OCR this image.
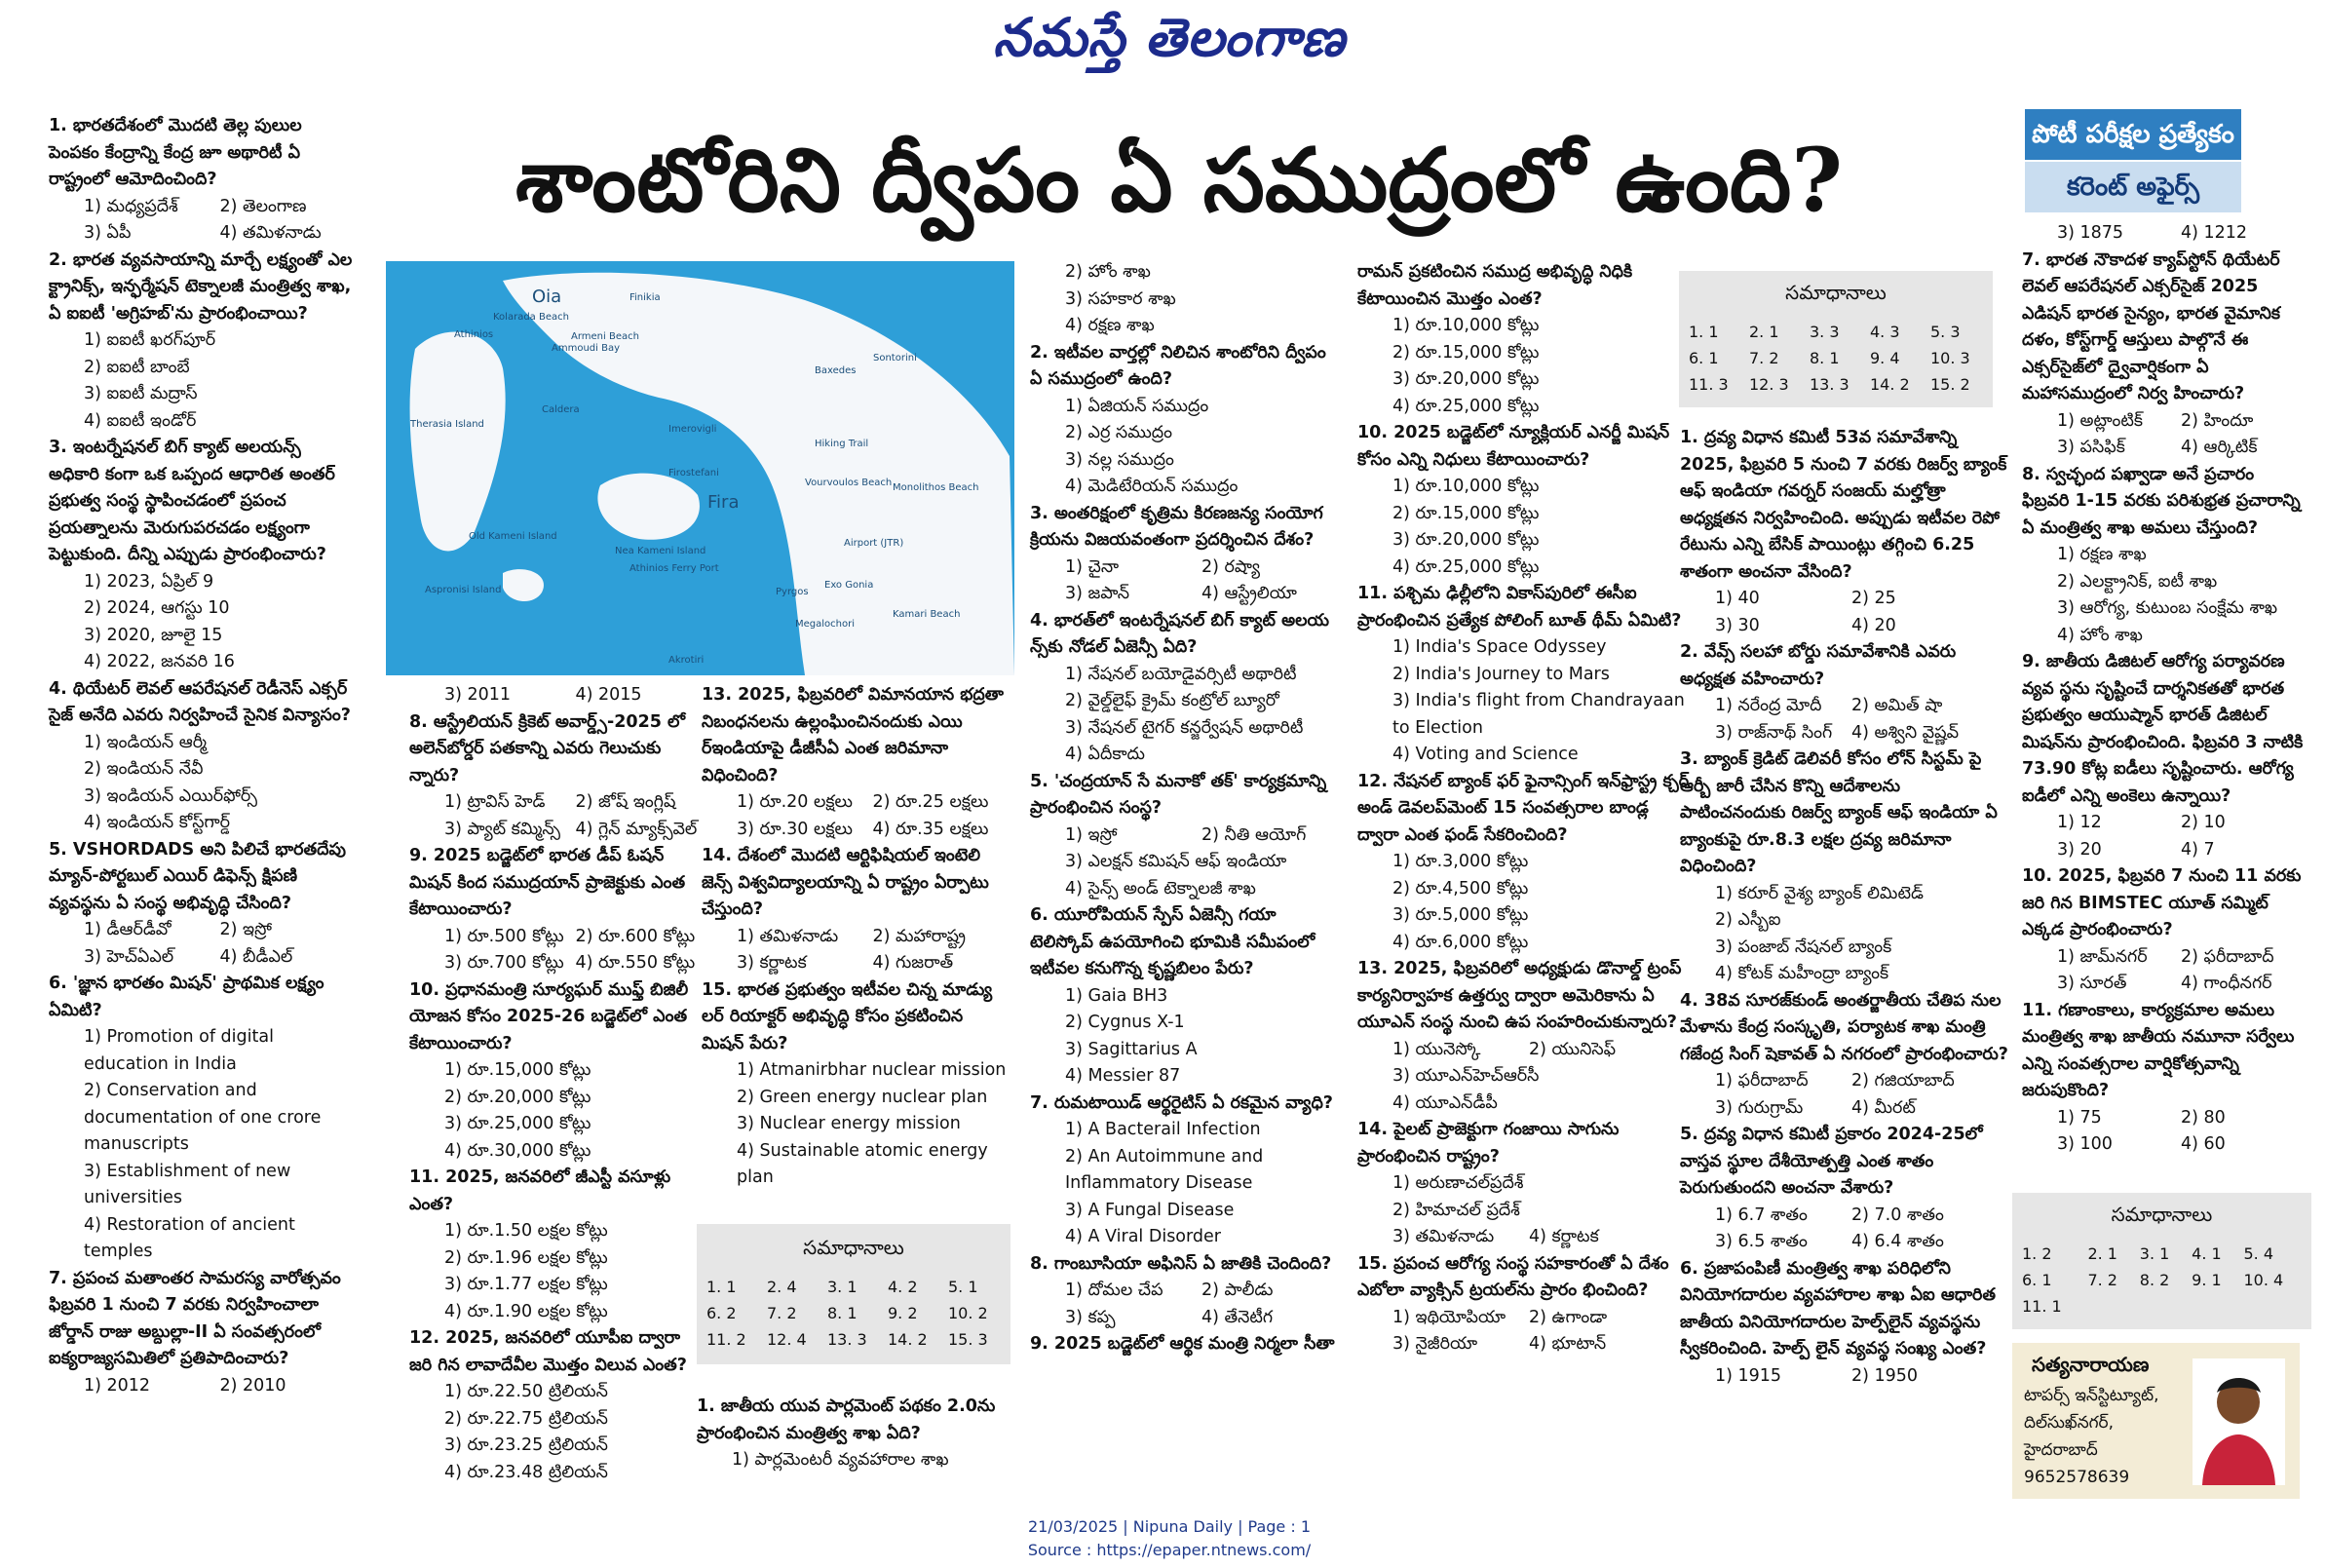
నమస్తే తెలంగాణ
శాంటోరిని ద్వీపం ఏ సముద్రంలో ఉంది?	పోటీ పరీక్షల ప్రత్యేకం
కరెంట్ అఫైర్స్

1. భారతదేశంలో మొదటి తెల్ల పులుల పెంపకం కేంద్రాన్ని కేంద్ర జూ అథారిటీ ఏ రాష్ట్రంలో ఆమోదించింది?

1) మధ్యప్రదేశ్	2) తెలంగాణ
3) ఏపీ	4) తమిళనాడు

2. భారత వ్యవసాయాన్ని మార్చే లక్ష్యంతో ఎల క్ట్రానిక్స్, ఇన్ఫర్మేషన్ టెక్నాలజీ మంత్రిత్వ శాఖ, ఏ ఐఐటీ 'అగ్రిహబ్'ను ప్రారంభించాయి?

1) ఐఐటీ ఖరగ్‌పూర్

2) ఐఐటీ బాంబే

3) ఐఐటీ మద్రాస్

4) ఐఐటీ ఇండోర్

3. ఇంటర్నేషనల్ బిగ్ క్యాట్ అలయన్స్ అధికారి కంగా ఒక ఒప్పంద ఆధారిత అంతర్ ప్రభుత్వ సంస్థ స్థాపించడంలో ప్రపంచ ప్రయత్నాలను మెరుగుపరచడం లక్ష్యంగా పెట్టుకుంది. దీన్ని ఎప్పుడు ప్రారంభించారు?

1) 2023, ఏప్రిల్ 9

2) 2024, ఆగస్టు 10

3) 2020, జూలై 15

4) 2022, జనవరి 16

4. థియేటర్ లెవల్ ఆపరేషనల్ రెడీనెస్ ఎక్సర్ సైజ్ అనేది ఎవరు నిర్వహించే సైనిక విన్యాసం?

1) ఇండియన్ ఆర్మీ

2) ఇండియన్ నేవీ

3) ఇండియన్ ఎయిర్‌ఫోర్స్

4) ఇండియన్ కోస్ట్‌గార్డ్

5. VSHORDADS అని పిలిచే భారతదేపు మ్యాన్-పోర్టబుల్ ఎయిర్ డిఫెన్స్ క్షిపణి వ్యవస్థను ఏ సంస్థ అభివృద్ధి చేసింది?

1) డీఆర్‌డీవో	2) ఇస్రో
3) హెచ్ఏఎల్	4) బీడీఎల్

6. 'జ్ఞాన భారతం మిషన్' ప్రాథమిక లక్ష్యం ఏమిటి?

1) Promotion of digital education in India

2) Conservation and documentation of one crore manuscripts

3) Establishment of new universities

4) Restoration of ancient temples

7. ప్రపంచ మతాంతర సామరస్య వారోత్సవం ఫిబ్రవరి 1 నుంచి 7 వరకు నిర్వహించాలా జోర్డాన్ రాజు అబ్దుల్లా-II ఏ సంవత్సరంలో ఐక్యరాజ్యసమితిలో ప్రతిపాదించారు?

1) 2012	2) 2010
Oia	Finikia
Kolarada Beach
Armeni Beach
Ammoudi Bay
Athinios
Sontorini
Baxedes
Therasia Island
Caldera
Imerovigli
Hiking Trail
Firostefani
Vourvoulos Beach Monolithos Beach
Fira
Nea Kameni Island
Old Kameni Island
Airport (JTR)
Athinios Ferry Port
Exo Gonia
Pyrgos
Megalochori
Kamari Beach
Akrotiri
Aspronisi Island
3) 2011	4) 2015

8. ఆస్ట్రేలియన్ క్రికెట్ అవార్డ్స్-2025 లో అలెన్‌బోర్డర్ పతకాన్ని ఎవరు గెలుచుకు న్నారు?

1) ట్రావిస్ హెడ్	2) జోష్ ఇంగ్లిష్
3) ప్యాట్ కమ్మిన్స్ 4) గ్లెన్ మ్యాక్స్‌వెల్

9. 2025 బడ్జెట్‌లో భారత డీప్ ఓషన్ మిషన్ కింద సముద్రయాన్ ప్రాజెక్టుకు ఎంత కేటాయించారు?

1) రూ.500 కోట్లు 2) రూ.600 కోట్లు
3) రూ.700 కోట్లు 4) రూ.550 కోట్లు

10. ప్రధానమంత్రి సూర్యఘర్ ముఫ్త్ బిజిలీ యోజన కోసం 2025-26 బడ్జెట్‌లో ఎంత కేటాయించారు?

1) రూ.15,000 కోట్లు

2) రూ.20,000 కోట్లు

3) రూ.25,000 కోట్లు

4) రూ.30,000 కోట్లు

11. 2025, జనవరిలో జీఎస్టీ వసూళ్లు ఎంత?

1) రూ.1.50 లక్షల కోట్లు

2) రూ.1.96 లక్షల కోట్లు

3) రూ.1.77 లక్షల కోట్లు

4) రూ.1.90 లక్షల కోట్లు

12. 2025, జనవరిలో యూపీఐ ద్వారా జరి గిన లావాదేవీల మొత్తం విలువ ఎంత?

1) రూ.22.50 ట్రిలియన్

2) రూ.22.75 ట్రిలియన్

3) రూ.23.25 ట్రిలియన్

4) రూ.23.48 ట్రిలియన్

13. 2025, ఫిబ్రవరిలో విమానయాన భద్రతా నిబంధనలను ఉల్లంఘించినందుకు ఎయి ర్‌ఇండియాపై డీజీసీఏ ఎంత జరిమానా విధించింది?

1) రూ.20 లక్షలు	2) రూ.25 లక్షలు
3) రూ.30 లక్షలు	4) రూ.35 లక్షలు

14. దేశంలో మొదటి ఆర్టిఫిషియల్ ఇంటెలి జెన్స్ విశ్వవిద్యాలయాన్ని ఏ రాష్ట్రం ఏర్పాటు చేస్తుంది?

1) తమిళనాడు	2) మహారాష్ట్ర
3) కర్ణాటక	4) గుజరాత్

15. భారత ప్రభుత్వం ఇటీవల చిన్న మాడ్యు లర్ రియాక్టర్ అభివృద్ధి కోసం ప్రకటించిన మిషన్ పేరు?

1) Atmanirbhar nuclear mission

2) Green energy nuclear plan

3) Nuclear energy mission

4) Sustainable atomic energy plan

సమాధానాలు
1. 1	2. 4	3. 1	4. 2	5. 1
6. 2	7. 2	8. 1	9. 2	10. 2
11. 2	12. 4	13. 3	14. 2	15. 3

1. జాతీయ యువ పార్లమెంట్ పథకం 2.0ను ప్రారంభించిన మంత్రిత్వ శాఖ ఏది?

1) పార్లమెంటరీ వ్యవహారాల శాఖ

2) హోం శాఖ

3) సహకార శాఖ

4) రక్షణ శాఖ

2. ఇటీవల వార్తల్లో నిలిచిన శాంటోరిని ద్వీపం ఏ సముద్రంలో ఉంది?

1) ఏజియన్ సముద్రం

2) ఎర్ర సముద్రం

3) నల్ల సముద్రం

4) మెడిటేరియన్ సముద్రం

3. అంతరిక్షంలో కృత్రిమ కిరణజన్య సంయోగ క్రియను విజయవంతంగా ప్రదర్శించిన దేశం?

1) చైనా	2) రష్యా
3) జపాన్	4) ఆస్ట్రేలియా

4. భారత్‌లో ఇంటర్నేషనల్ బిగ్ క్యాట్ అలయ న్స్‌కు నోడల్ ఏజెన్సీ ఏది?

1) నేషనల్ బయోడైవర్సిటీ అథారిటీ

2) వైల్డ్‌లైఫ్ క్రైమ్ కంట్రోల్ బ్యూరో

3) నేషనల్ టైగర్ కన్జర్వేషన్ అథారిటీ

4) ఏదీకాదు

5. 'చంద్రయాన్ సే మనాకో తక్' కార్యక్రమాన్ని ప్రారంభించిన సంస్థ?

1) ఇస్రో	2) నీతి ఆయోగ్

3) ఎలక్షన్ కమిషన్ ఆఫ్ ఇండియా

4) సైన్స్ అండ్ టెక్నాలజీ శాఖ

6. యూరోపియన్ స్పేస్ ఏజెన్సీ గయా టెలిస్కోప్ ఉపయోగించి భూమికి సమీపంలో ఇటీవల కనుగొన్న కృష్ణబిలం పేరు?

1) Gaia BH3

2) Cygnus X-1

3) Sagittarius A

4) Messier 87

7. రుమటాయిడ్ ఆర్థరైటిస్ ఏ రకమైన వ్యాధి?

1) A Bacterail Infection

2) An Autoimmune and Inflammatory Disease

3) A Fungal Disease

4) A Viral Disorder

8. గాంబూసియా అఫినిస్ ఏ జాతికి చెందింది?

1) దోమల చేప	2) పాలీడు
3) కప్ప	4) తేనెటీగ

9. 2025 బడ్జెట్‌లో ఆర్థిక మంత్రి నిర్మలా సీతా

రామన్ ప్రకటించిన సముద్ర అభివృద్ధి నిధికి కేటాయించిన మొత్తం ఎంత?

1) రూ.10,000 కోట్లు

2) రూ.15,000 కోట్లు

3) రూ.20,000 కోట్లు

4) రూ.25,000 కోట్లు

10. 2025 బడ్జెట్‌లో న్యూక్లియర్ ఎనర్జీ మిషన్ కోసం ఎన్ని నిధులు కేటాయించారు?

1) రూ.10,000 కోట్లు

2) రూ.15,000 కోట్లు

3) రూ.20,000 కోట్లు

4) రూ.25,000 కోట్లు

11. పశ్చిమ ఢిల్లీలోని వికాస్‌పురిలో ఈసీఐ ప్రారంభించిన ప్రత్యేక పోలింగ్ బూత్ థీమ్ ఏమిటి?

1) India's Space Odyssey

2) India's Journey to Mars

3) India's flight from Chandrayaan to Election

4) Voting and Science

12. నేషనల్ బ్యాంక్ ఫర్ ఫైనాన్సింగ్ ఇన్‌ఫ్రాస్ట్ర క్చర్ అండ్ డెవలప్‌మెంట్ 15 సంవత్సరాల బాండ్ల ద్వారా ఎంత ఫండ్ సేకరించింది?

1) రూ.3,000 కోట్లు

2) రూ.4,500 కోట్లు

3) రూ.5,000 కోట్లు

4) రూ.6,000 కోట్లు

13. 2025, ఫిబ్రవరిలో అధ్యక్షుడు డొనాల్డ్ ట్రంప్ కార్యనిర్వాహక ఉత్తర్వు ద్వారా అమెరికాను ఏ యూఎన్ సంస్థ నుంచి ఉప సంహరించుకున్నారు?

1) యునెస్కో	2) యునిసెఫ్

3) యూఎన్‌హెచ్ఆర్‌సీ

4) యూఎన్‌డీపీ

14. పైలట్ ప్రాజెక్టుగా గంజాయి సాగును ప్రారంభించిన రాష్ట్రం?

1) అరుణాచల్‌ప్రదేశ్

2) హిమాచల్ ప్రదేశ్

3) తమిళనాడు	4) కర్ణాటక

15. ప్రపంచ ఆరోగ్య సంస్థ సహకారంతో ఏ దేశం ఎబోలా వ్యాక్సిన్ ట్రయల్‌ను ప్రారం భించింది?

1) ఇథియోపియా	2) ఉగాండా
3) నైజీరియా	4) భూటాన్
సమాధానాలు
1. 1	2. 1	3. 3	4. 3	5. 3
6. 1	7. 2	8. 1	9. 4	10. 3
11. 3	12. 3	13. 3	14. 2	15. 2

1. ద్రవ్య విధాన కమిటీ 53వ సమావేశాన్ని 2025, ఫిబ్రవరి 5 నుంచి 7 వరకు రిజర్వ్ బ్యాంక్ ఆఫ్ ఇండియా గవర్నర్ సంజయ్ మల్హోత్రా అధ్యక్షతన నిర్వహించింది. అప్పుడు ఇటీవల రెపో రేటును ఎన్ని బేసిక్ పాయింట్లు తగ్గించి 6.25 శాతంగా అంచనా వేసింది?

1) 40	2) 25
3) 30	4) 20

2. వేవ్స్ సలహా బోర్డు సమావేశానికి ఎవరు అధ్యక్షత వహించారు?

1) నరేంద్ర మోదీ	2) అమిత్ షా
3) రాజ్‌నాథ్ సింగ్	4) అశ్విని వైష్ణవ్

3. బ్యాంక్ క్రెడిట్ డెలివరీ కోసం లోన్ సిస్టమ్ పై ఆర్బీ జారీ చేసిన కొన్ని ఆదేశాలను పాటించనందుకు రిజర్వ్ బ్యాంక్ ఆఫ్ ఇండియా ఏ బ్యాంకుపై రూ.8.3 లక్షల ద్రవ్య జరిమానా విధించింది?

1) కరూర్ వైశ్య బ్యాంక్ లిమిటెడ్

2) ఎస్బీఐ

3) పంజాబ్ నేషనల్ బ్యాంక్

4) కోటక్ మహీంద్రా బ్యాంక్

4. 38వ సూరజ్‌కుండ్ అంతర్జాతీయ చేతిప నుల మేళాను కేంద్ర సంస్కృతి, పర్యాటక శాఖ మంత్రి గజేంద్ర సింగ్ షెకావత్ ఏ నగరంలో ప్రారంభించారు?

1) ఫరీదాబాద్	2) గజియాబాద్
3) గురుగ్రామ్	4) మీరట్

5. ద్రవ్య విధాన కమిటీ ప్రకారం 2024-25లో వాస్తవ స్థూల దేశీయోత్పత్తి ఎంత శాతం పెరుగుతుందని అంచనా వేశారు?

1) 6.7 శాతం	2) 7.0 శాతం
3) 6.5 శాతం	4) 6.4 శాతం

6. ప్రజాపంపిణీ మంత్రిత్వ శాఖ పరిధిలోని వినియోగదారుల వ్యవహారాల శాఖ ఏఐ ఆధారిత జాతీయ వినియోగదారుల హెల్ప్‌లైన్ వ్యవస్థను స్వీకరించింది. హెల్ప్ లైన్ వ్యవస్థ సంఖ్య ఎంత?

1) 1915	2) 1950
3) 1875	4) 1212

7. భారత నౌకాదళ క్యాప్‌స్టోన్ థియేటర్ లెవల్ ఆపరేషనల్ ఎక్సర్‌సైజ్ 2025 ఎడిషన్ భారత సైన్యం, భారత వైమానిక దళం, కోస్ట్‌గార్డ్ ఆస్తులు పాల్గొనే ఈ ఎక్సర్‌సైజ్‌లో ద్వైవార్షికంగా ఏ మహాసముద్రంలో నిర్వ హించారు?

1) అట్లాంటిక్	2) హిందూ
3) పసిఫిక్	4) ఆర్కిటిక్

8. స్వచ్ఛంద పఖ్వాడా అనే ప్రచారం ఫిబ్రవరి 1-15 వరకు పరిశుభ్రత ప్రచారాన్ని ఏ మంత్రిత్వ శాఖ అమలు చేస్తుంది?

1) రక్షణ శాఖ

2) ఎలక్ట్రానిక్, ఐటీ శాఖ

3) ఆరోగ్య, కుటుంబ సంక్షేమ శాఖ

4) హోం శాఖ

9. జాతీయ డిజిటల్ ఆరోగ్య పర్యావరణ వ్యవ స్థను సృష్టించే దార్శనికతతో భారత ప్రభుత్వం ఆయుష్మాన్ భారత్ డిజిటల్ మిషన్‌ను ప్రారంభించింది. ఫిబ్రవరి 3 నాటికి 73.90 కోట్ల ఐడీలు సృష్టించారు. ఆరోగ్య ఐడీలో ఎన్ని అంకెలు ఉన్నాయి?

1) 12	2) 10
3) 20	4) 7

10. 2025, ఫిబ్రవరి 7 నుంచి 11 వరకు జరి గిన BIMSTEC యూత్ సమ్మిట్ ఎక్కడ ప్రారంభించారు?

1) జామ్‌నగర్	2) ఫరీదాబాద్
3) సూరత్	4) గాంధీనగర్

11. గణాంకాలు, కార్యక్రమాల అమలు మంత్రిత్వ శాఖ జాతీయ నమూనా సర్వేలు ఎన్ని సంవత్సరాల వార్షికోత్సవాన్ని జరుపుకొంది?

1) 75	2) 80
3) 100	4) 60
సమాధానాలు
1. 2	2. 1	3. 1	4. 1	5. 4
6. 1	7. 2	8. 2	9. 1	10. 4
11. 1				
సత్యనారాయణ
టాపర్స్ ఇన్‌స్టిట్యూట్,
దిల్‌సుఖ్‌నగర్,
హైదరాబాద్
9652578639
21/03/2025 | Nipuna Daily | Page : 1
Source : https://epaper.ntnews.com/
